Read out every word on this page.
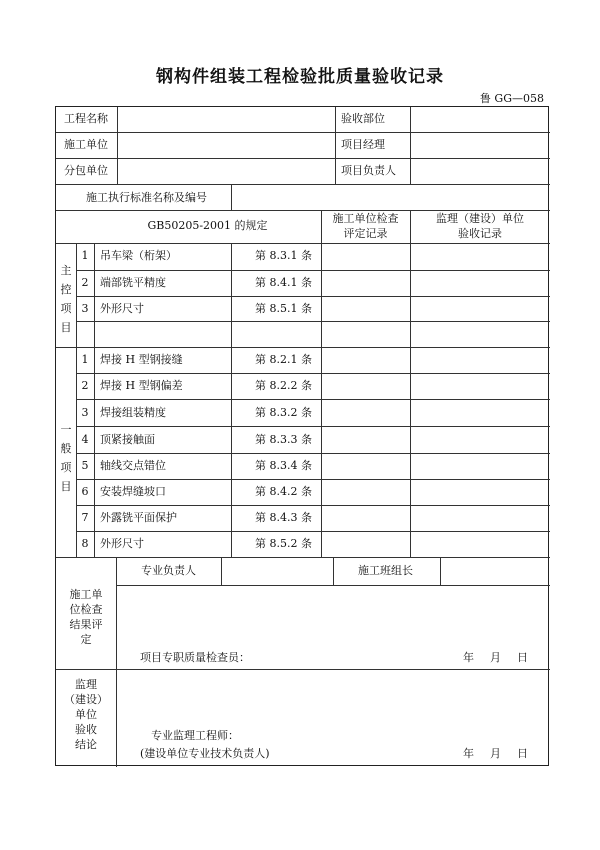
钢构件组装工程检验批质量验收记录
鲁 GG—058
工程名称	验收部位
施工单位	项目经理
分包单位	项目负责人
施工执行标准名称及编号
GB50205-2001 的规定
施工单位检查
评定记录
监理（建设）单位
验收记录
主
控
项
目
1	吊车梁（桁架）	第 8.3.1 条
2	端部铣平精度	第 8.4.1 条
3	外形尺寸	第 8.5.1 条
一
般
项
目
1	焊接 H 型钢接缝	第 8.2.1 条
2	焊接 H 型钢偏差	第 8.2.2 条
3	焊接组装精度	第 8.3.2 条
4	顶紧接触面	第 8.3.3 条
5	轴线交点错位	第 8.3.4 条
6	安装焊缝坡口	第 8.4.2 条
7	外露铣平面保护	第 8.4.3 条
8	外形尺寸	第 8.5.2 条
施工单
位检查
结果评
定
专业负责人	施工班组长
项目专职质量检查员：	年 月 日
监理
（建设）
单位
验收
结论
专业监理工程师：
(建设单位专业技术负责人)	年 月 日
